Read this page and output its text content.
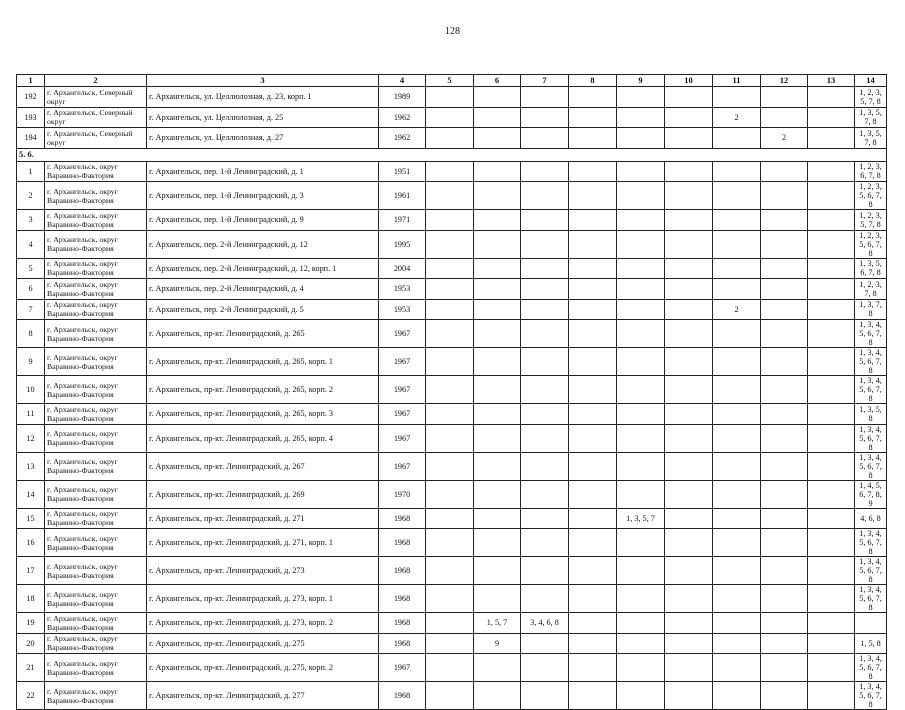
128
1	2	3	4	5	6	7	8	9	10	11	12	13	14
192	г. Архангельск, Северный округ	г. Архангельск, ул. Целлюлозная, д. 23, корп. 1	1989										1, 2, 3, 5, 7, 8
193	г. Архангельск, Северный округ	г. Архангельск, ул. Целлюлозная, д. 25	1962							2			1, 3, 5, 7, 8
194	г. Архангельск, Северный округ	г. Архангельск, ул. Целлюлозная, д. 27	1962								2		1, 3, 5, 7, 8
5. 6.													
1	г. Архангельск, округ Варавино-Фактория	г. Архангельск, пер. 1-й Ленинградский, д. 1	1951										1, 2, 3, 6, 7, 8
2	г. Архангельск, округ Варавино-Фактория	г. Архангельск, пер. 1-й Ленинградский, д. 3	1961										1, 2, 3, 5, 6, 7, 8
3	г. Архангельск, округ Варавино-Фактория	г. Архангельск, пер. 1-й Ленинградский, д. 9	1971										1, 2, 3, 5, 7, 8
4	г. Архангельск, округ Варавино-Фактория	г. Архангельск, пер. 2-й Ленинградский, д. 12	1995										1, 2, 3, 5, 6, 7, 8
5	г. Архангельск, округ Варавино-Фактория	г. Архангельск, пер. 2-й Ленинградский, д. 12, корп. 1	2004										1, 3, 5, 6, 7, 8
6	г. Архангельск, округ Варавино-Фактория	г. Архангельск, пер. 2-й Ленинградский, д. 4	1953										1, 2, 3, 7, 8
7	г. Архангельск, округ Варавино-Фактория	г. Архангельск, пер. 2-й Ленинградский, д. 5	1953							2			1, 3, 7, 8
8	г. Архангельск, округ Варавино-Фактория	г. Архангельск, пр-кт. Ленинградский, д. 265	1967										1, 3, 4, 5, 6, 7, 8
9	г. Архангельск, округ Варавино-Фактория	г. Архангельск, пр-кт. Ленинградский, д. 265, корп. 1	1967										1, 3, 4, 5, 6, 7, 8
10	г. Архангельск, округ Варавино-Фактория	г. Архангельск, пр-кт. Ленинградский, д. 265, корп. 2	1967										1, 3, 4, 5, 6, 7, 8
11	г. Архангельск, округ Варавино-Фактория	г. Архангельск, пр-кт. Ленинградский, д. 265, корп. 3	1967										1, 3, 5, 8
12	г. Архангельск, округ Варавино-Фактория	г. Архангельск, пр-кт. Ленинградский, д. 265, корп. 4	1967										1, 3, 4, 5, 6, 7, 8
13	г. Архангельск, округ Варавино-Фактория	г. Архангельск, пр-кт. Ленинградский, д. 267	1967										1, 3, 4, 5, 6, 7, 8
14	г. Архангельск, округ Варавино-Фактория	г. Архангельск, пр-кт. Ленинградский, д. 269	1970										1, 4, 5, 6, 7, 8, 9
15	г. Архангельск, округ Варавино-Фактория	г. Архангельск, пр-кт. Ленинградский, д. 271	1968					1, 3, 5, 7					4, 6, 8
16	г. Архангельск, округ Варавино-Фактория	г. Архангельск, пр-кт. Ленинградский, д. 271, корп. 1	1968										1, 3, 4, 5, 6, 7, 8
17	г. Архангельск, округ Варавино-Фактория	г. Архангельск, пр-кт. Ленинградский, д. 273	1968										1, 3, 4, 5, 6, 7, 8
18	г. Архангельск, округ Варавино-Фактория	г. Архангельск, пр-кт. Ленинградский, д. 273, корп. 1	1968										1, 3, 4, 5, 6, 7, 8
19	г. Архангельск, округ Варавино-Фактория	г. Архангельск, пр-кт. Ленинградский, д. 273, корп. 2	1968		1, 5, 7	3, 4, 6, 8							
20	г. Архангельск, округ Варавино-Фактория	г. Архангельск, пр-кт. Ленинградский, д. 275	1968		9								1, 5, 8
21	г. Архангельск, округ Варавино-Фактория	г. Архангельск, пр-кт. Ленинградский, д. 275, корп. 2	1967										1, 3, 4, 5, 6, 7, 8
22	г. Архангельск, округ Варавино-Фактория	г. Архангельск, пр-кт. Ленинградский, д. 277	1968										1, 3, 4, 5, 6, 7, 8
